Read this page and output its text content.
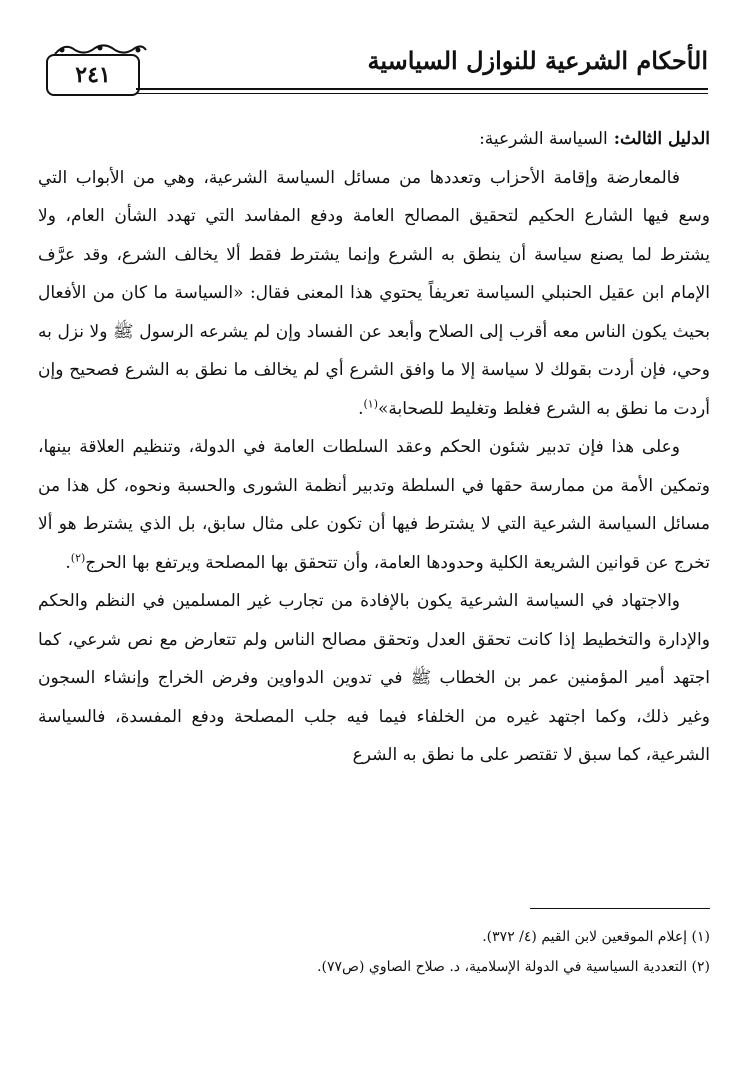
٢٤١	الأحكام الشرعية للنوازل السياسية

الدليل الثالث: السياسة الشرعية:

فالمعارضة وإقامة الأحزاب وتعددها من مسائل السياسة الشرعية، وهي من الأبواب التي وسع فيها الشارع الحكيم لتحقيق المصالح العامة ودفع المفاسد التي تهدد الشأن العام، ولا يشترط لما يصنع سياسة أن ينطق به الشرع وإنما يشترط فقط ألا يخالف الشرع، وقد عرَّف الإمام ابن عقيل الحنبلي السياسة تعريفاً يحتوي هذا المعنى فقال: «السياسة ما كان من الأفعال بحيث يكون الناس معه أقرب إلى الصلاح وأبعد عن الفساد وإن لم يشرعه الرسول ﷺ ولا نزل به وحي، فإن أردت بقولك لا سياسة إلا ما وافق الشرع أي لم يخالف ما نطق به الشرع فصحيح وإن أردت ما نطق به الشرع فغلط وتغليط للصحابة»$^{(١)}$.

وعلى هذا فإن تدبير شئون الحكم وعقد السلطات العامة في الدولة، وتنظيم العلاقة بينها، وتمكين الأمة من ممارسة حقها في السلطة وتدبير أنظمة الشورى والحسبة ونحوه، كل هذا من مسائل السياسة الشرعية التي لا يشترط فيها أن تكون على مثال سابق، بل الذي يشترط هو ألا تخرج عن قوانين الشريعة الكلية وحدودها العامة، وأن تتحقق بها المصلحة ويرتفع بها الحرج$^{(٢)}$.

والاجتهاد في السياسة الشرعية يكون بالإفادة من تجارب غير المسلمين في النظم والحكم والإدارة والتخطيط إذا كانت تحقق العدل وتحقق مصالح الناس ولم تتعارض مع نص شرعي، كما اجتهد أمير المؤمنين عمر بن الخطاب ﷺ في تدوين الدواوين وفرض الخراج وإنشاء السجون وغير ذلك، وكما اجتهد غيره من الخلفاء فيما فيه جلب المصلحة ودفع المفسدة، فالسياسة الشرعية، كما سبق لا تقتصر على ما نطق به الشرع

(١) إعلام الموقعين لابن القيم (٤/ ٣٧٢).

(٢) التعددية السياسية في الدولة الإسلامية، د. صلاح الصاوي (ص٧٧).
